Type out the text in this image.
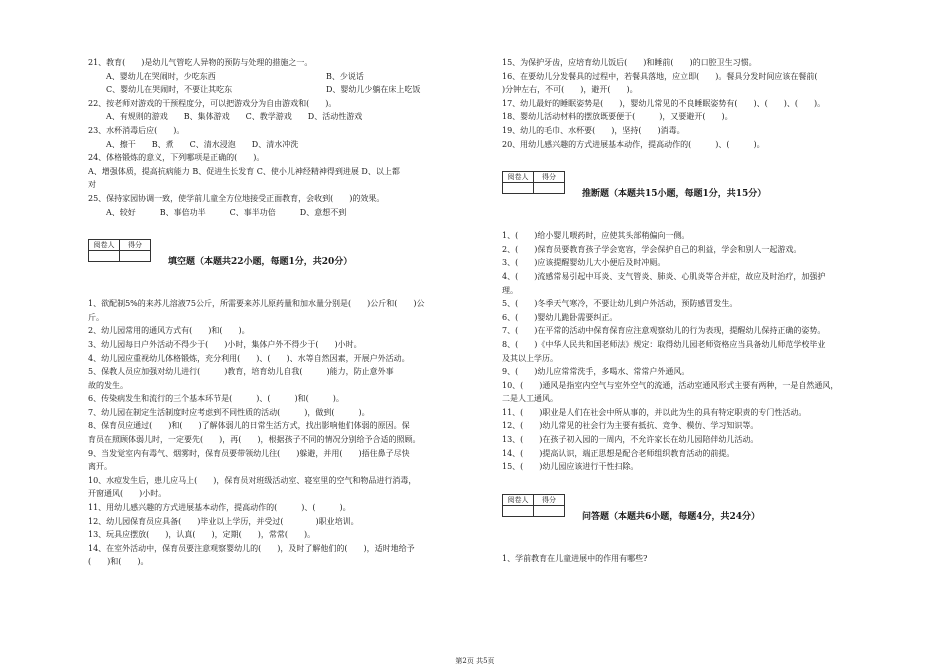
21、教育(　　)是幼儿气管吃人异物的预防与处理的措施之一。
A、婴幼儿在哭闹时，少吃东西	B、少说话
C、婴幼儿在哭闹时，不要让其吃东	D、婴幼儿少躺在床上吃饭
22、按老师对游戏的干预程度分，可以把游戏分为自由游戏和(　　)。
A、有规则的游戏　　B、集体游戏　　C、教学游戏　　D、活动性游戏
23、水杯消毒后应(　　)。
A、擦干　　B、煮　　C、清水浸泡　　D、清水冲洗
24、体格锻炼的意义，下列哪项是正确的(　　)。
A、增强体质，提高抗病能力 B、促进生长发育 C、使小儿神经精神得到进展 D、以上都
对
25、保持家园协调一致，使学前儿童全方位地接受正面教育，会收到(　　)的效果。
A、较好　　　B、事倍功半　　　C、事半功倍　　　D、意想不到
阅卷人	得分

填空题（本题共22小题，每题1分，共20分）
1、欲配制5%的来苏儿溶液75公斤，所需要来苏儿原药量和加水量分别是(　　)公斤和(　　)公
斤。
2、幼儿园常用的通风方式有(　　)和(　　)。
3、幼儿园每日户外活动不得少于(　　)小时，集体户外不得少于(　　)小时。
4、幼儿园应重视幼儿体格锻炼，充分利用(　　)、(　　)、水等自然因素，开展户外活动。
5、保教人员应加强对幼儿进行(　　　)教育，培育幼儿自我(　　　)能力，防止意外事
故的发生。
6、传染病发生和流行的三个基本环节是(　　　)、(　　　)和(　　　)。
7、幼儿园在制定生活制度时应考虑到不同性质的活动(　　　)，做到(　　　)。
8、保育员应通过(　　)和(　　)了解体弱儿的日常生活方式，找出影响他们体弱的原因。保
育员在照顾体弱儿时，一定要先(　　)，再(　　)，根据孩子不同的情况分别给予合适的照顾。
9、当发觉室内有毒气、烟雾时，保育员要带领幼儿往(　　)躲避，并用(　　)捂住鼻子尽快
离开。
10、水痘发生后，患儿应马上(　　)，保育员对班级活动室、寝室里的空气和物品进行消毒，
开窗通风(　　)小时。
11、用幼儿感兴趣的方式进展基本动作，提高动作的(　　　)、(　　　)。
12、幼儿园保育员应具备(　　)毕业以上学历，并受过(　　　　)职业培训。
13、玩具应摆放(　　)，认真(　　)，定期(　　)，常常(　　)。
14、在室外活动中，保育员要注意观察婴幼儿的(　　)，及时了解他们的(　　)，适时地给予
(　　)和(　　)。
15、为保护牙齿，应培育幼儿饭后(　　)和睡前(　　)的口腔卫生习惯。
16、在要幼儿分发餐具的过程中，若餐具落地，应立即(　　)。餐具分发时间应该在餐前(
)分钟左右，不可(　　)，避开(　　)。
17、幼儿最好的睡眠姿势是(　　)，婴幼儿常见的不良睡眠姿势有(　　)、(　　)、(　　)。
18、婴幼儿活动材料的摆放既要便于(　　　)，又要避开(　　)。
19、幼儿的毛巾、水杯要(　　)，坚持(　　)消毒。
20、用幼儿感兴趣的方式进展基本动作，提高动作的(　　　)、(　　　)。
阅卷人	得分

推断题（本题共15小题，每题1分，共15分）
1、(　　)给小婴儿喂药时，应使其头部稍偏向一侧。
2、(　　)保育员要教育孩子学会宽容，学会保护自己的利益，学会和别人一起游戏。
3、(　　)应该提醒婴幼儿大小便后及时冲厕。
4、(　　)流感常易引起中耳炎、支气管炎、肺炎、心肌炎等合并症，故应及时治疗，加强护
理。
5、(　　)冬季天气寒冷，不要让幼儿到户外活动，预防感冒发生。
6、(　　)婴幼儿跪卧需要纠正。
7、(　　)在平常的活动中保育保育应注意观察幼儿的行为表现，提醒幼儿保持正确的姿势。
8、(　　)《中华人民共和国老师法》规定：取得幼儿园老师资格应当具备幼儿师范学校毕业
及其以上学历。
9、(　　)幼儿应常常洗手，多喝水、常常户外通风。
10、(　　)通风是指室内空气与室外空气的流通，活动室通风形式主要有两种，一是自然通风，
二是人工通风。
11、(　　)职业是人们在社会中所从事的，并以此为生的具有特定职责的专门性活动。
12、(　　)幼儿常见的社会行为主要有抵抗、竞争、模仿、学习知识等。
13、(　　)在孩子初入园的一周内，不允许家长在幼儿园陪伴幼儿活动。
14、(　　)提高认识，端正思想是配合老师组织教育活动的前提。
15、(　　)幼儿园应该进行干性扫除。
阅卷人	得分

问答题（本题共6小题，每题4分，共24分）
1、学前教育在儿童进展中的作用有哪些?
第2页 共5页
